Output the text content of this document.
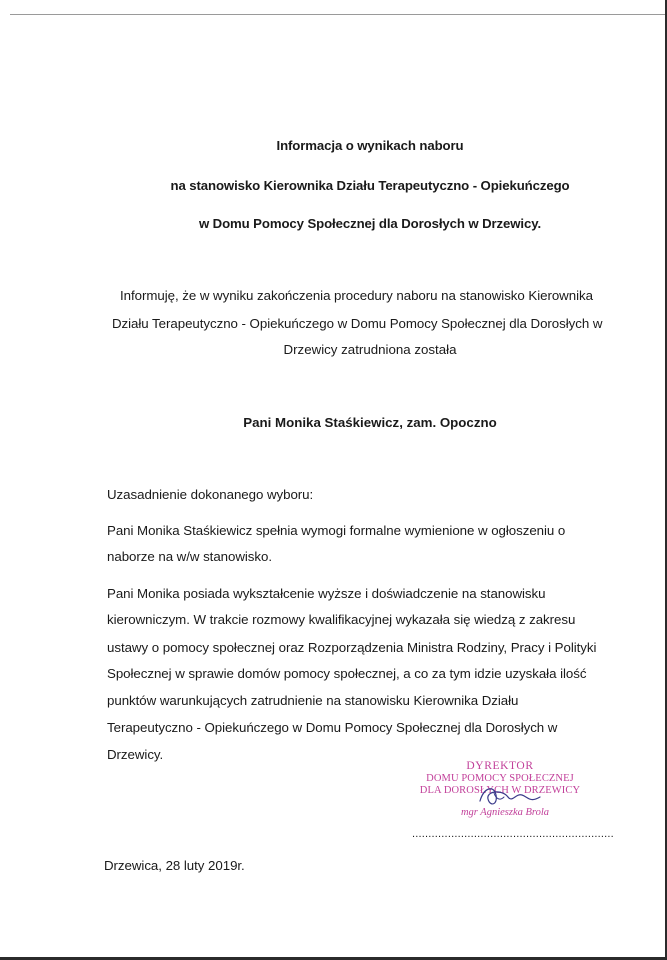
Informacja o wynikach naboru
na stanowisko Kierownika Działu Terapeutyczno - Opiekuńczego
w Domu Pomocy Społecznej dla Dorosłych w Drzewicy.
Informuję, że w wyniku zakończenia procedury naboru na stanowisko Kierownika
Działu Terapeutyczno - Opiekuńczego w Domu Pomocy Społecznej dla Dorosłych w
Drzewicy zatrudniona została
Pani Monika Staśkiewicz, zam. Opoczno
Uzasadnienie dokonanego wyboru:
Pani Monika Staśkiewicz spełnia wymogi formalne wymienione w ogłoszeniu o
naborze na w/w stanowisko.
Pani Monika posiada wykształcenie wyższe i doświadczenie na stanowisku
kierowniczym. W trakcie rozmowy kwalifikacyjnej wykazała się wiedzą z zakresu
ustawy o pomocy społecznej oraz Rozporządzenia Ministra Rodziny, Pracy i Polityki
Społecznej w sprawie domów pomocy społecznej, a co za tym idzie uzyskała ilość
punktów warunkujących zatrudnienie na stanowisku Kierownika Działu
Terapeutyczno - Opiekuńczego w Domu Pomocy Społecznej dla Dorosłych w
Drzewicy.
DYREKTOR
DOMU POMOCY SPOŁECZNEJ
DLA DOROSŁYCH W DRZEWICY
mgr Agnieszka Brola
..............................................................
Drzewica, 28 luty 2019r.
